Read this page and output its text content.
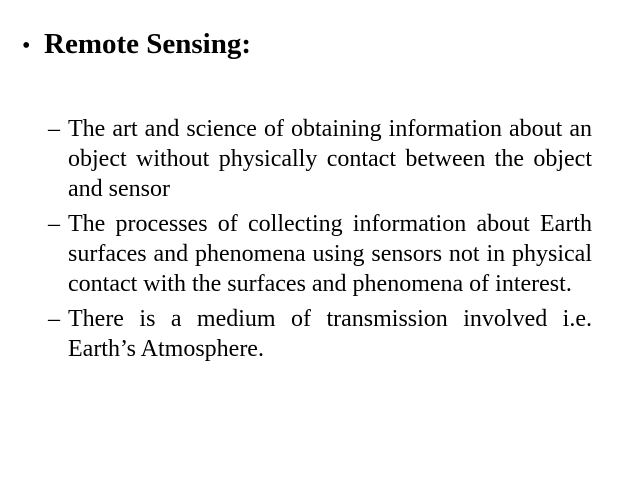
• Remote Sensing:
– The art and science of obtaining information about an object without physically contact between the object and sensor
– The processes of collecting information about Earth surfaces and phenomena using sensors not in physical contact with the surfaces and phenomena of interest.
– There is a medium of transmission involved i.e. Earth’s Atmosphere.
